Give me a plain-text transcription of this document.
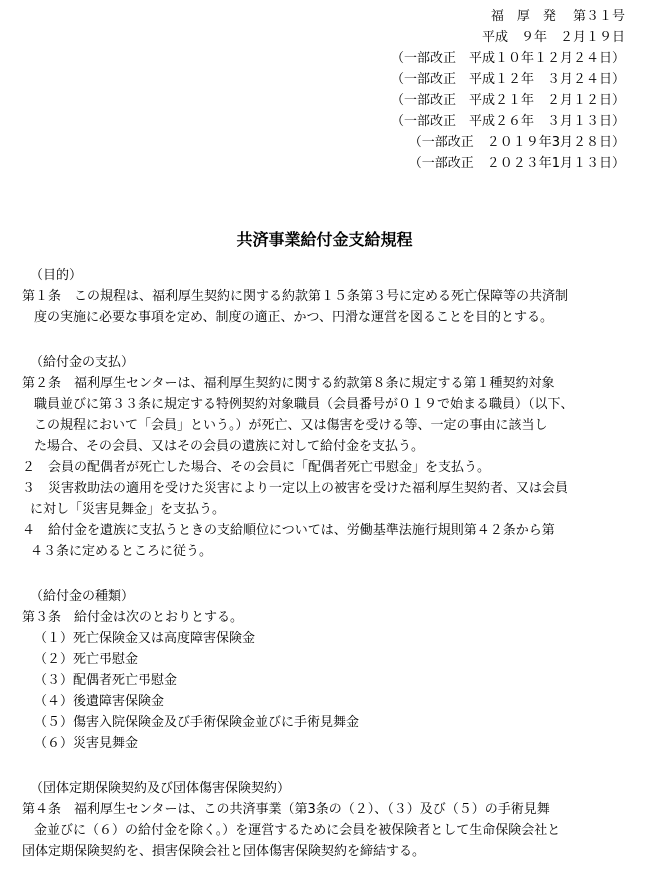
福　厚　発　 第３１号
平成　９年　２月１９日
（一部改正　平成１０年１２月２４日）
（一部改正　平成１２年　３月２４日）
（一部改正　平成２１年　２月１２日）
（一部改正　平成２６年　３月１３日）
（一部改正　２０１９年3月２８日）
（一部改正　２０２３年1月１３日）
共済事業給付金支給規程
（目的）
第１条　この規程は、福利厚生契約に関する約款第１５条第３号に定める死亡保障等の共済制
度の実施に必要な事項を定め、制度の適正、かつ、円滑な運営を図ることを目的とする。
（給付金の支払）
第２条　福利厚生センターは、福利厚生契約に関する約款第８条に規定する第１種契約対象
職員並びに第３３条に規定する特例契約対象職員（会員番号が０１９で始まる職員）（以下、
この規程において「会員」という。）が死亡、又は傷害を受ける等、一定の事由に該当し
た場合、その会員、又はその会員の遺族に対して給付金を支払う。
２　会員の配偶者が死亡した場合、その会員に「配偶者死亡弔慰金」を支払う。
３　災害救助法の適用を受けた災害により一定以上の被害を受けた福利厚生契約者、又は会員
に対し「災害見舞金」を支払う。
４　給付金を遺族に支払うときの支給順位については、労働基準法施行規則第４２条から第
４３条に定めるところに従う。
（給付金の種類）
第３条　給付金は次のとおりとする。
（１）死亡保険金又は高度障害保険金
（２）死亡弔慰金
（３）配偶者死亡弔慰金
（４）後遺障害保険金
（５）傷害入院保険金及び手術保険金並びに手術見舞金
（６）災害見舞金
（団体定期保険契約及び団体傷害保険契約）
第４条　福利厚生センターは、この共済事業（第3条の（２）、（３）及び（５）の手術見舞
金並びに（６）の給付金を除く。）を運営するために会員を被保険者として生命保険会社と
団体定期保険契約を、損害保険会社と団体傷害保険契約を締結する。
